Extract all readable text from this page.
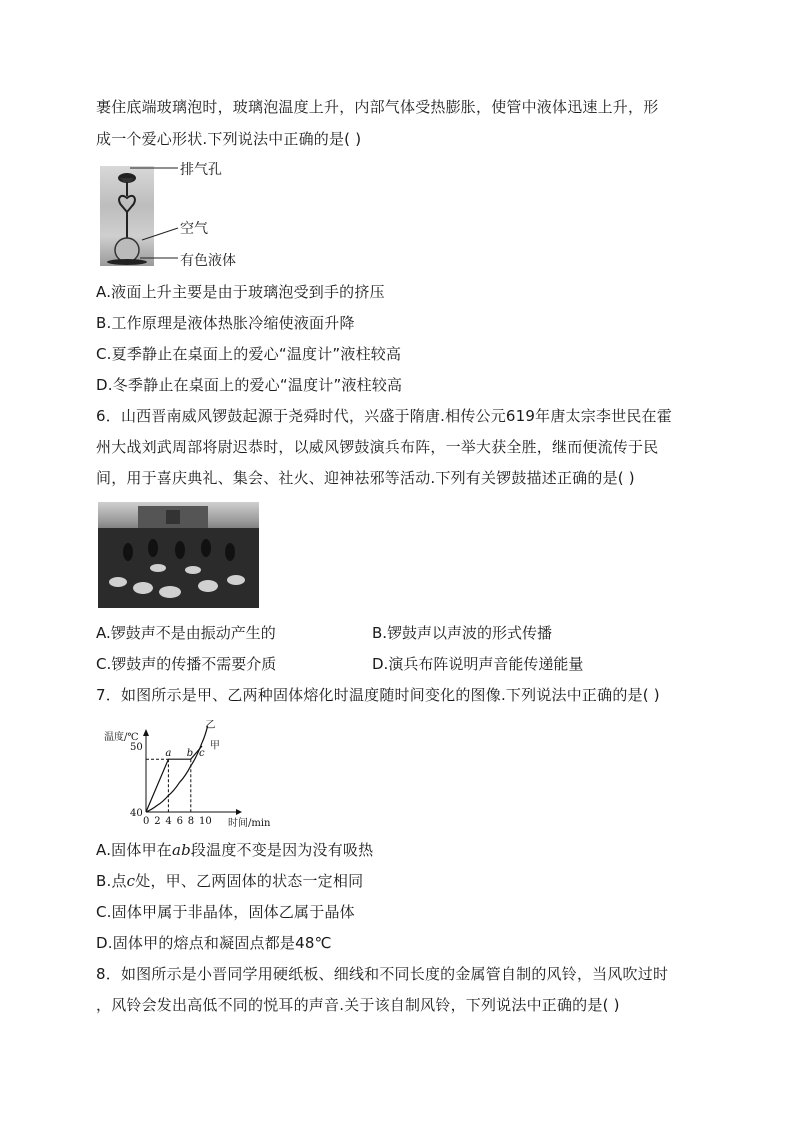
裹住底端玻璃泡时，玻璃泡温度上升，内部气体受热膨胀，使管中液体迅速上升，形
成一个爱心形状.下列说法中正确的是( )
排气孔
空气
有色液体
A.液面上升主要是由于玻璃泡受到手的挤压
B.工作原理是液体热胀冷缩使液面升降
C.夏季静止在桌面上的爱心“温度计”液柱较高
D.冬季静止在桌面上的爱心“温度计”液柱较高
6．山西晋南威风锣鼓起源于尧舜时代，兴盛于隋唐.相传公元619年唐太宗李世民在霍
州大战刘武周部将尉迟恭时，以威风锣鼓演兵布阵，一举大获全胜，继而便流传于民
间，用于喜庆典礼、集会、社火、迎神祛邪等活动.下列有关锣鼓描述正确的是( )
A.锣鼓声不是由振动产生的	B.锣鼓声以声波的形式传播
C.锣鼓声的传播不需要介质	D.演兵布阵说明声音能传递能量
7．如图所示是甲、乙两种固体熔化时温度随时间变化的图像.下列说法中正确的是( )
温度/℃
时间/min
40
50
0 2 4 6 8 10
乙
甲
a b c
A.固体甲在ab段温度不变是因为没有吸热
B.点c处，甲、乙两固体的状态一定相同
C.固体甲属于非晶体，固体乙属于晶体
D.固体甲的熔点和凝固点都是48℃
8．如图所示是小晋同学用硬纸板、细线和不同长度的金属管自制的风铃，当风吹过时
，风铃会发出高低不同的悦耳的声音.关于该自制风铃，下列说法中正确的是( )
